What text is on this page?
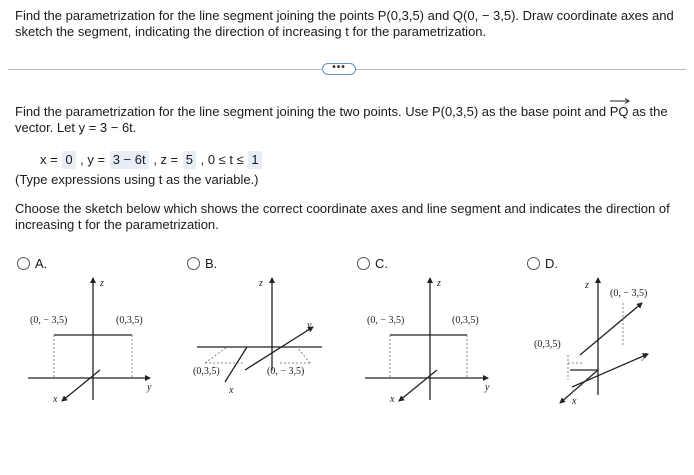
Find the parametrization for the line segment joining the points P(0,3,5) and Q(0, − 3,5). Draw coordinate axes and sketch the segment, indicating the direction of increasing t for the parametrization.
•••
Find the parametrization for the line segment joining the two points. Use P(0,3,5) as the base point and
PQ as the vector. Let y = 3 − 6t.
x = 0 , y = 3 − 6t , z = 5 , 0 ≤ t ≤ 1
(Type expressions using t as the variable.)
Choose the sketch below which shows the correct coordinate axes and line segment and indicates the direction of increasing t for the parametrization.
A.	B.	C.	D.
z
y
x
(0, − 3,5)	(0,3,5)
z
y
x
(0,3,5)	(0, − 3,5)
z
y
x
(0, − 3,5)	(0,3,5)
z
y
x
(0, − 3,5)
(0,3,5)
